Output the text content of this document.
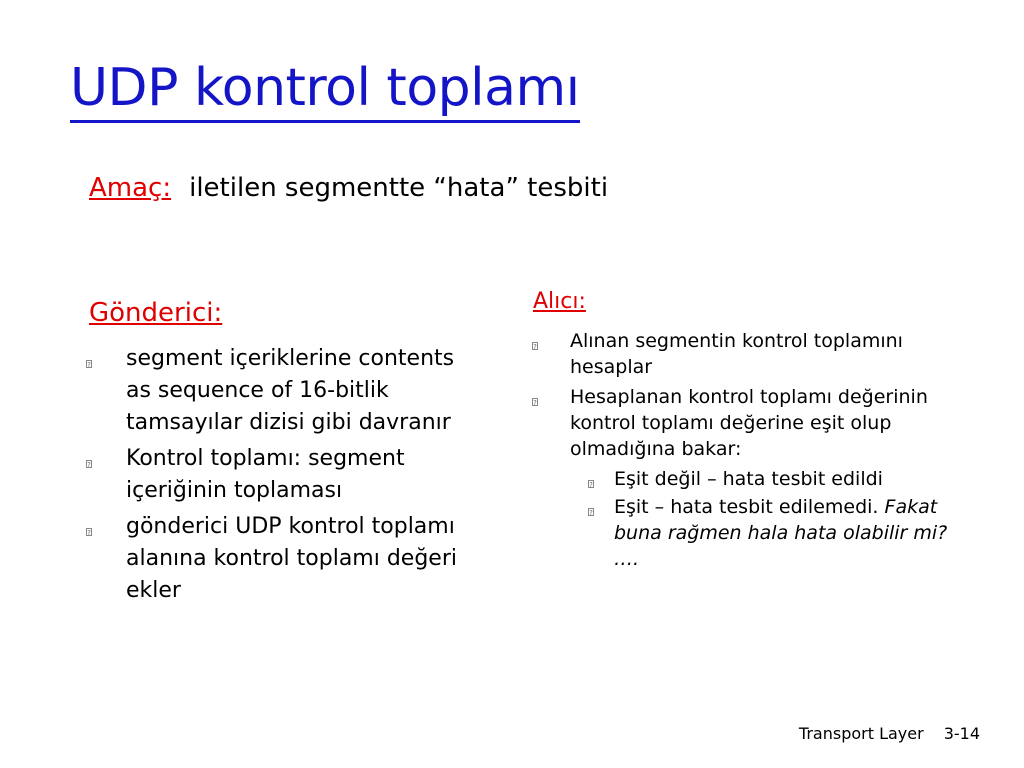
UDP kontrol toplamı
Amaç: iletilen segmentte “hata” tesbiti
Gönderici:
? segment içeriklerine contents as sequence of 16-bitlik tamsayılar dizisi gibi davranır
? Kontrol toplamı: segment içeriğinin toplaması
? gönderici UDP kontrol toplamı alanına kontrol toplamı değeri ekler
Alıcı:
? Alınan segmentin kontrol toplamını hesaplar
? Hesaplanan kontrol toplamı değerinin kontrol toplamı değerine eşit olup olmadığına bakar:
? Eşit değil – hata tesbit edildi
? Eşit – hata tesbit edilemedi. Fakat buna rağmen hala hata olabilir mi? ….
Transport Layer 3-14
